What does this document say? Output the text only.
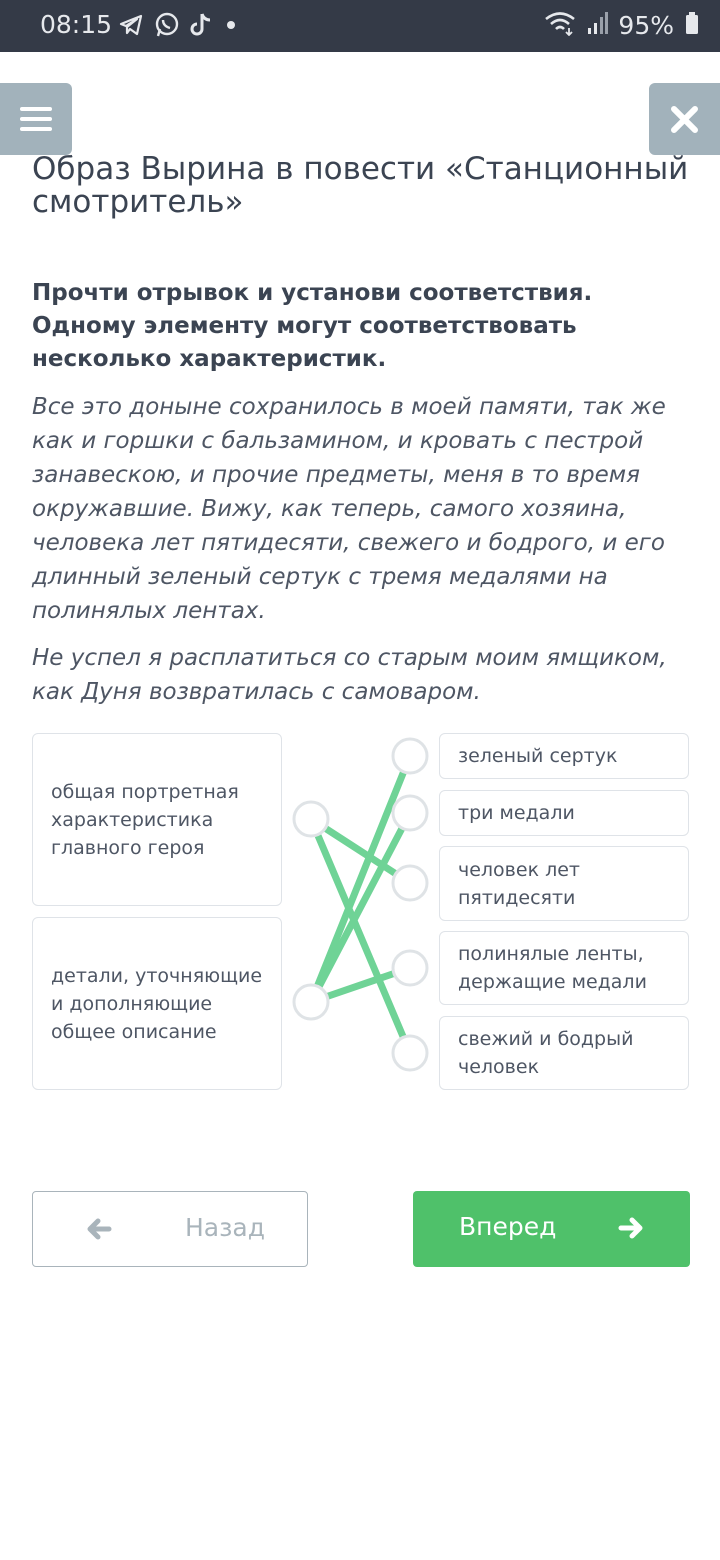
08:15	95%
Образ Вырина в повести «Станционный смотритель»
Прочти отрывок и установи соответствия. Одному элементу могут соответствовать несколько характеристик.
Все это доныне сохранилось в моей памяти, так же как и горшки с бальзамином, и кровать с пестрой занавескою, и прочие предметы, меня в то время окружавшие. Вижу, как теперь, самого хозяина, человека лет пятидесяти, свежего и бодрого, и его длинный зеленый сертук с тремя медалями на полинялых лентах.
Не успел я расплатиться со старым моим ямщиком, как Дуня возвратилась с самоваром.
общая портретная характеристика главного героя
детали, уточняющие и дополняющие общее описание
зеленый сертук
три медали
человек лет пятидесяти
полинялые ленты, держащие медали
свежий и бодрый человек
Назад	Вперед
